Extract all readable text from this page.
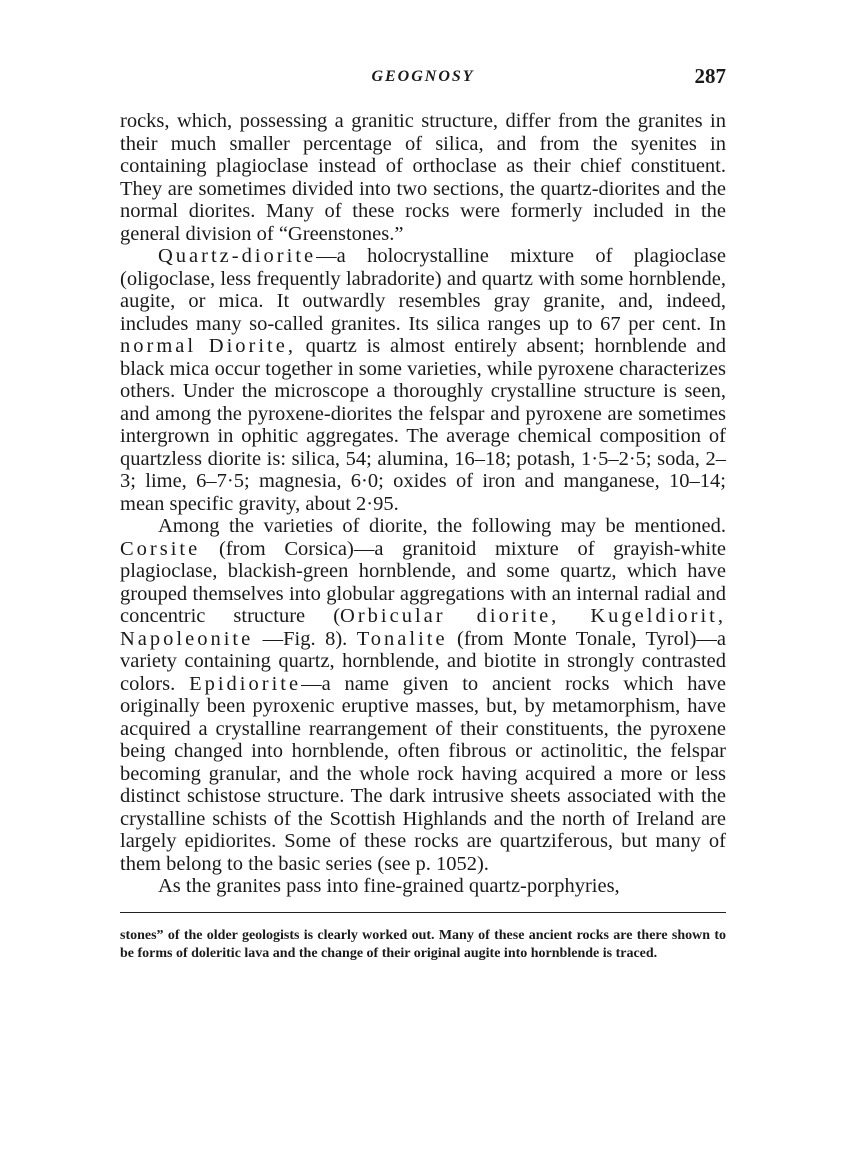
GEOGNOSY	287

rocks, which, possessing a granitic structure, differ from the granites in their much smaller percentage of silica, and from the syenites in containing plagioclase instead of orthoclase as their chief constituent. They are sometimes divided into two sections, the quartz-diorites and the normal diorites. Many of these rocks were formerly included in the general division of “Greenstones.”

Quartz-diorite—a holocrystalline mixture of plagioclase (oligoclase, less frequently labradorite) and quartz with some hornblende, augite, or mica. It outwardly resembles gray granite, and, indeed, includes many so-called granites. Its silica ranges up to 67 per cent. In normal Diorite, quartz is almost entirely absent; hornblende and black mica occur together in some varieties, while pyroxene characterizes others. Under the microscope a thoroughly crystalline structure is seen, and among the pyroxene-diorites the felspar and pyroxene are sometimes intergrown in ophitic aggregates. The average chemical composition of quartzless diorite is: silica, 54; alumina, 16–18; potash, 1·5–2·5; soda, 2–3; lime, 6–7·5; magnesia, 6·0; oxides of iron and manganese, 10–14; mean specific gravity, about 2·95.

Among the varieties of diorite, the following may be mentioned. Corsite (from Corsica)—a granitoid mixture of grayish-white plagioclase, blackish-green hornblende, and some quartz, which have grouped themselves into globular aggregations with an internal radial and concentric structure (Orbicular diorite, Kugeldiorit, Napoleonite —Fig. 8). Tonalite (from Monte Tonale, Tyrol)—a variety containing quartz, hornblende, and biotite in strongly contrasted colors. Epidiorite—a name given to ancient rocks which have originally been pyroxenic eruptive masses, but, by metamorphism, have acquired a crystalline rearrangement of their constituents, the pyroxene being changed into hornblende, often fibrous or actinolitic, the felspar becoming granular, and the whole rock having acquired a more or less distinct schistose structure. The dark intrusive sheets associated with the crystalline schists of the Scottish Highlands and the north of Ireland are largely epidiorites. Some of these rocks are quartziferous, but many of them belong to the basic series (see p. 1052).

As the granites pass into fine-grained quartz-porphyries,

stones” of the older geologists is clearly worked out. Many of these ancient rocks are there shown to be forms of doleritic lava and the change of their original augite into hornblende is traced.
